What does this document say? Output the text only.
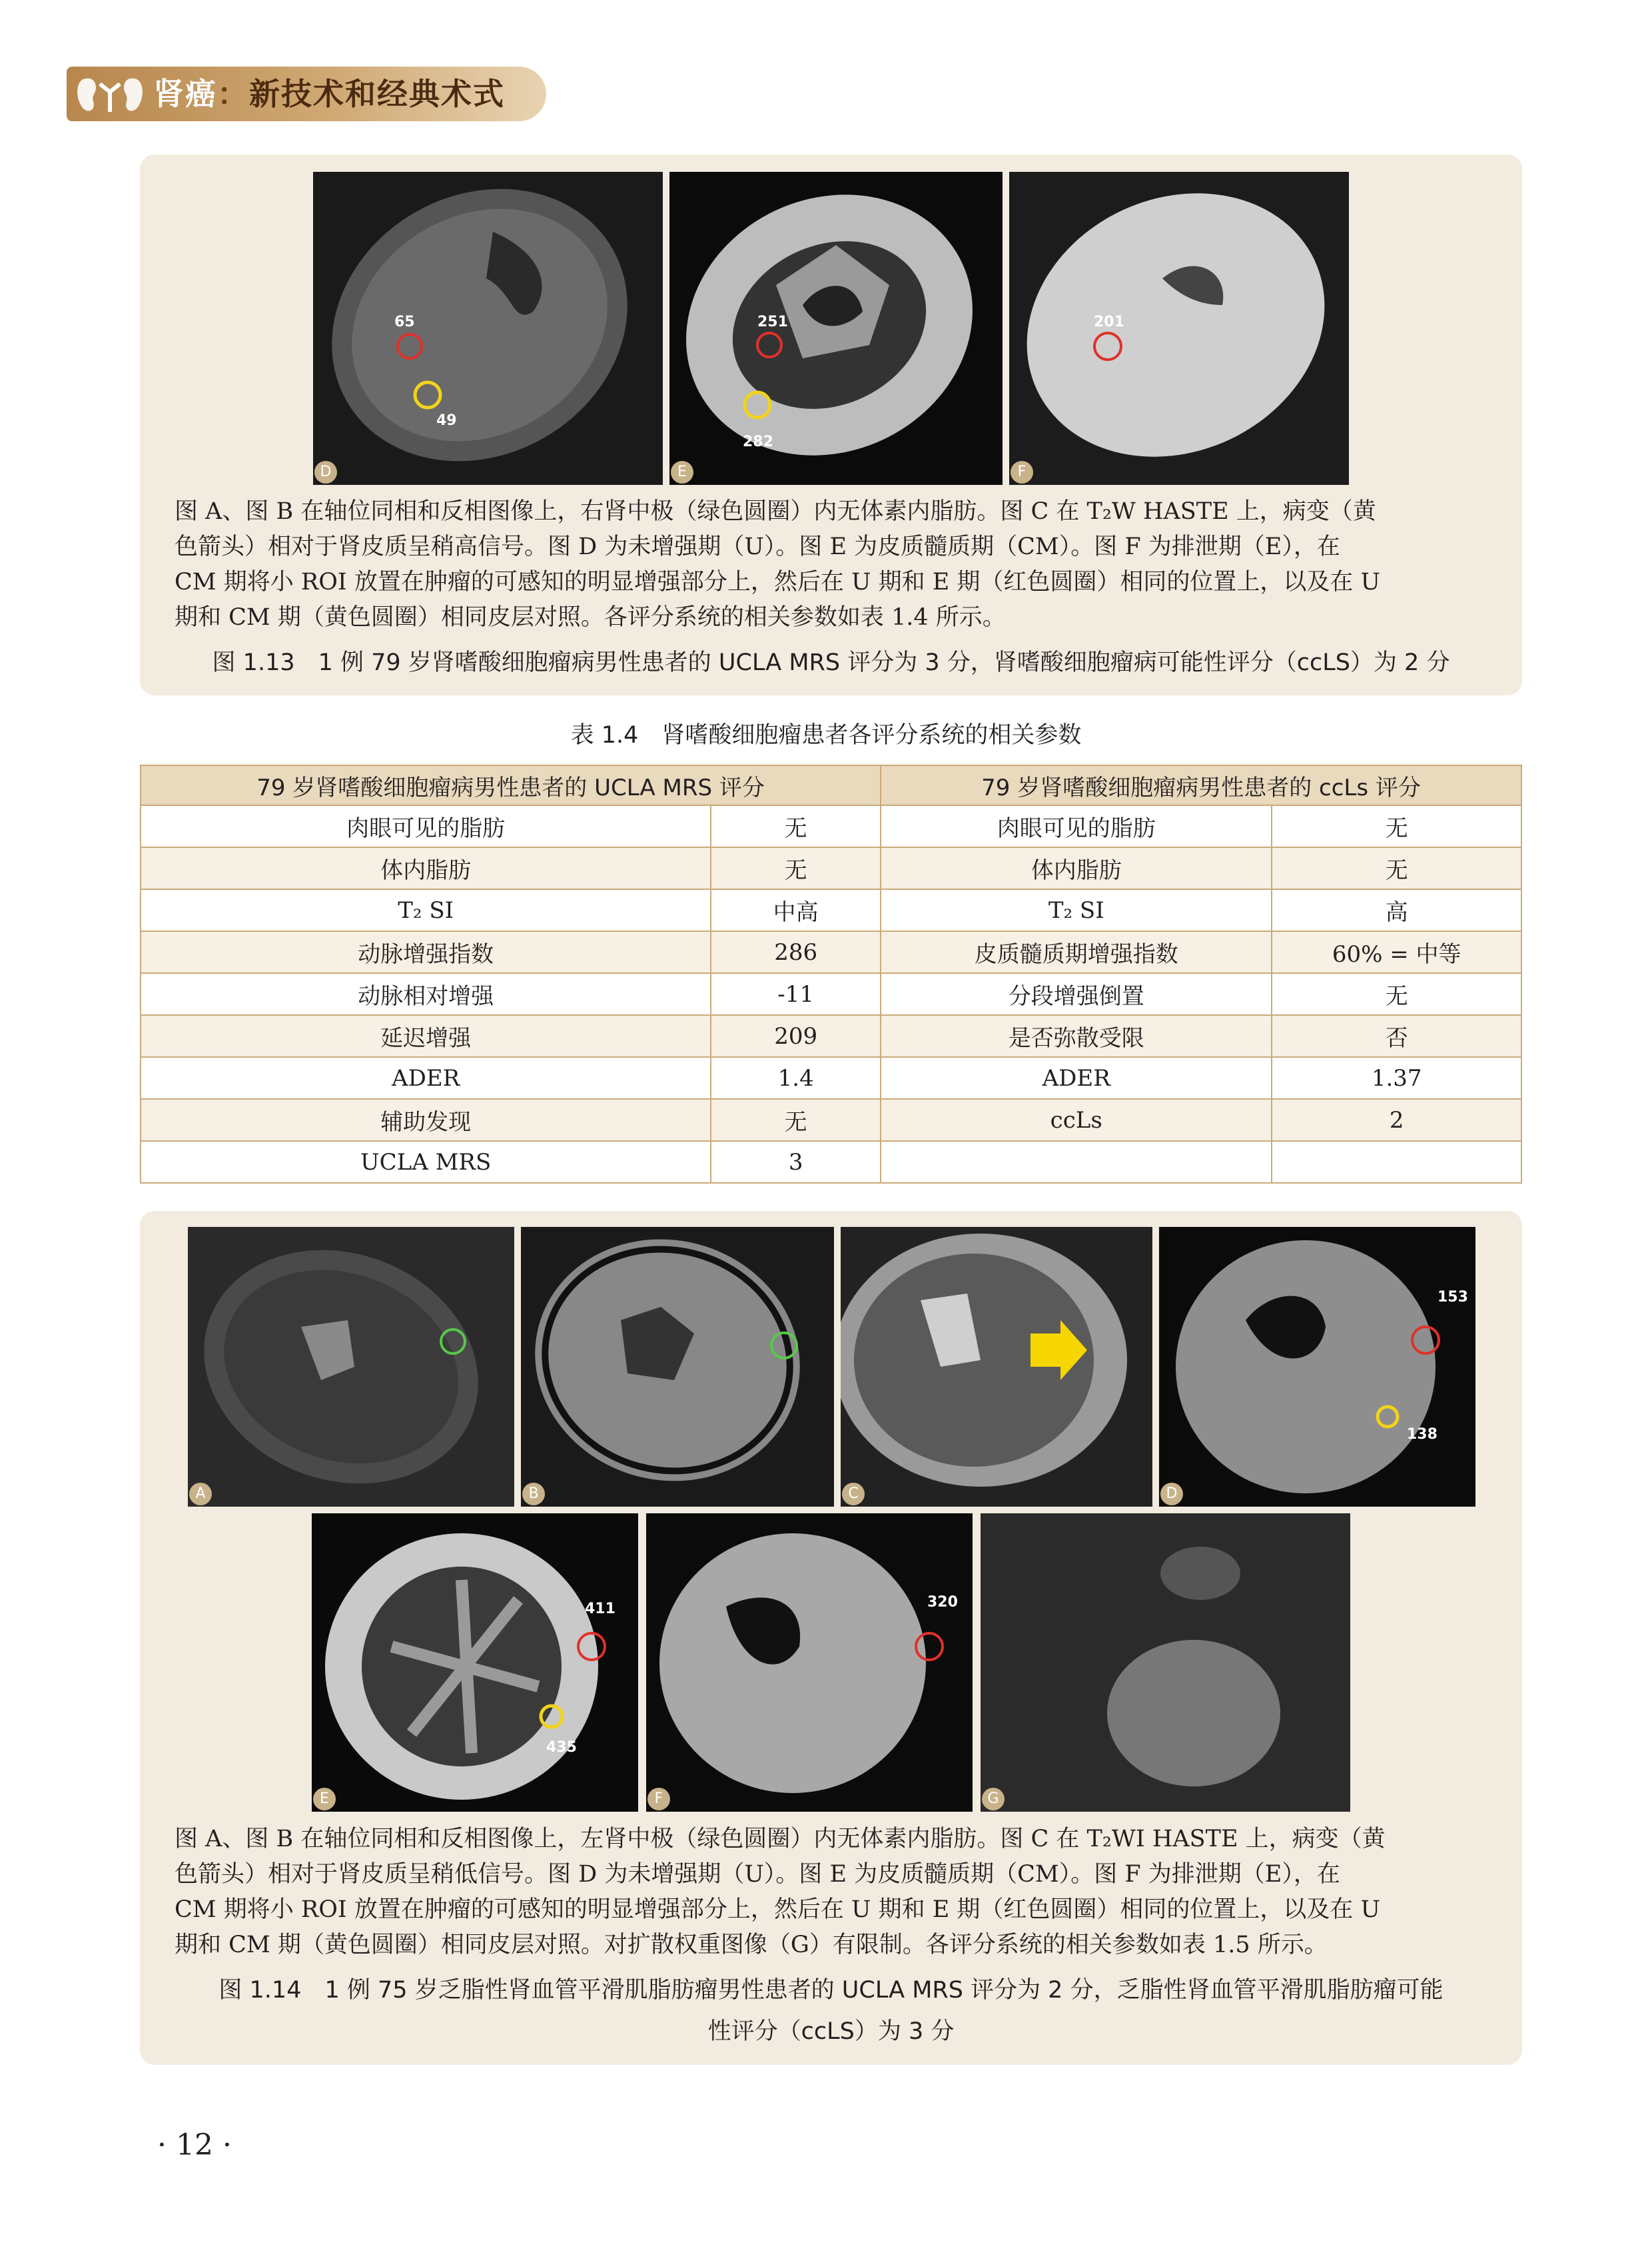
肾癌：新技术和经典术式
65
49
D
251
282
E
201
F
图 A、图 B 在轴位同相和反相图像上，右肾中极（绿色圆圈）内无体素内脂肪。图 C 在 T₂W HASTE 上，病变（黄
色箭头）相对于肾皮质呈稍高信号。图 D 为未增强期（U）。图 E 为皮质髓质期（CM）。图 F 为排泄期（E），在
CM 期将小 ROI 放置在肿瘤的可感知的明显增强部分上，然后在 U 期和 E 期（红色圆圈）相同的位置上，以及在 U
期和 CM 期（黄色圆圈）相同皮层对照。各评分系统的相关参数如表 1.4 所示。
图 1.13　1 例 79 岁肾嗜酸细胞瘤病男性患者的 UCLA MRS 评分为 3 分，肾嗜酸细胞瘤病可能性评分（ccLS）为 2 分
表 1.4　肾嗜酸细胞瘤患者各评分系统的相关参数
79 岁肾嗜酸细胞瘤病男性患者的 UCLA MRS 评分		79 岁肾嗜酸细胞瘤病男性患者的 ccLs 评分	
肉眼可见的脂肪	无	肉眼可见的脂肪	无
体内脂肪	无	体内脂肪	无
T₂ SI	中高	T₂ SI	高
动脉增强指数	286	皮质髓质期增强指数	60% = 中等
动脉相对增强	-11	分段增强倒置	无
延迟增强	209	是否弥散受限	否
ADER	1.4	ADER	1.37
辅助发现	无	ccLs	2
UCLA MRS	3		
A	B	C
153
138
D
411
435
E
320
F	G
图 A、图 B 在轴位同相和反相图像上，左肾中极（绿色圆圈）内无体素内脂肪。图 C 在 T₂WI HASTE 上，病变（黄
色箭头）相对于肾皮质呈稍低信号。图 D 为未增强期（U）。图 E 为皮质髓质期（CM）。图 F 为排泄期（E），在
CM 期将小 ROI 放置在肿瘤的可感知的明显增强部分上，然后在 U 期和 E 期（红色圆圈）相同的位置上，以及在 U
期和 CM 期（黄色圆圈）相同皮层对照。对扩散权重图像（G）有限制。各评分系统的相关参数如表 1.5 所示。
图 1.14　1 例 75 岁乏脂性肾血管平滑肌脂肪瘤男性患者的 UCLA MRS 评分为 2 分，乏脂性肾血管平滑肌脂肪瘤可能
性评分（ccLS）为 3 分
· 12 ·
